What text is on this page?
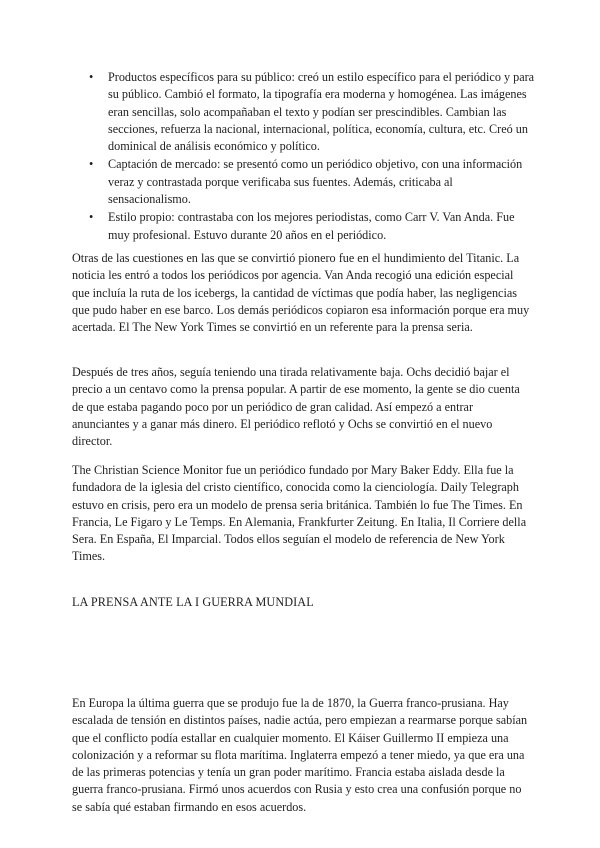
• Productos específicos para su público: creó un estilo específico para el periódico y para su público. Cambió el formato, la tipografía era moderna y homogénea. Las imágenes eran sencillas, solo acompañaban el texto y podían ser prescindibles. Cambian las secciones, refuerza la nacional, internacional, política, economía, cultura, etc. Creó un dominical de análisis económico y político.
• Captación de mercado: se presentó como un periódico objetivo, con una información veraz y contrastada porque verificaba sus fuentes. Además, criticaba al sensacionalismo.
• Estilo propio: contrastaba con los mejores periodistas, como Carr V. Van Anda. Fue muy profesional. Estuvo durante 20 años en el periódico.

Otras de las cuestiones en las que se convirtió pionero fue en el hundimiento del Titanic. La noticia les entró a todos los periódicos por agencia. Van Anda recogió una edición especial que incluía la ruta de los icebergs, la cantidad de víctimas que podía haber, las negligencias que pudo haber en ese barco. Los demás periódicos copiaron esa información porque era muy acertada. El The New York Times se convirtió en un referente para la prensa seria.

Después de tres años, seguía teniendo una tirada relativamente baja. Ochs decidió bajar el precio a un centavo como la prensa popular. A partir de ese momento, la gente se dio cuenta de que estaba pagando poco por un periódico de gran calidad. Así empezó a entrar anunciantes y a ganar más dinero. El periódico reflotó y Ochs se convirtió en el nuevo director.

The Christian Science Monitor fue un periódico fundado por Mary Baker Eddy. Ella fue la fundadora de la iglesia del cristo científico, conocida como la cienciología. Daily Telegraph estuvo en crisis, pero era un modelo de prensa seria británica. También lo fue The Times. En Francia, Le Figaro y Le Temps. En Alemania, Frankfurter Zeitung. En Italia, Il Corriere della Sera. En España, El Imparcial. Todos ellos seguían el modelo de referencia de New York Times.

LA PRENSA ANTE LA I GUERRA MUNDIAL

En Europa la última guerra que se produjo fue la de 1870, la Guerra franco-prusiana. Hay escalada de tensión en distintos países, nadie actúa, pero empiezan a rearmarse porque sabían que el conflicto podía estallar en cualquier momento. El Káiser Guillermo II empieza una colonización y a reformar su flota marítima. Inglaterra empezó a tener miedo, ya que era una de las primeras potencias y tenía un gran poder marítimo. Francia estaba aislada desde la guerra franco-prusiana. Firmó unos acuerdos con Rusia y esto crea una confusión porque no se sabía qué estaban firmando en esos acuerdos.
